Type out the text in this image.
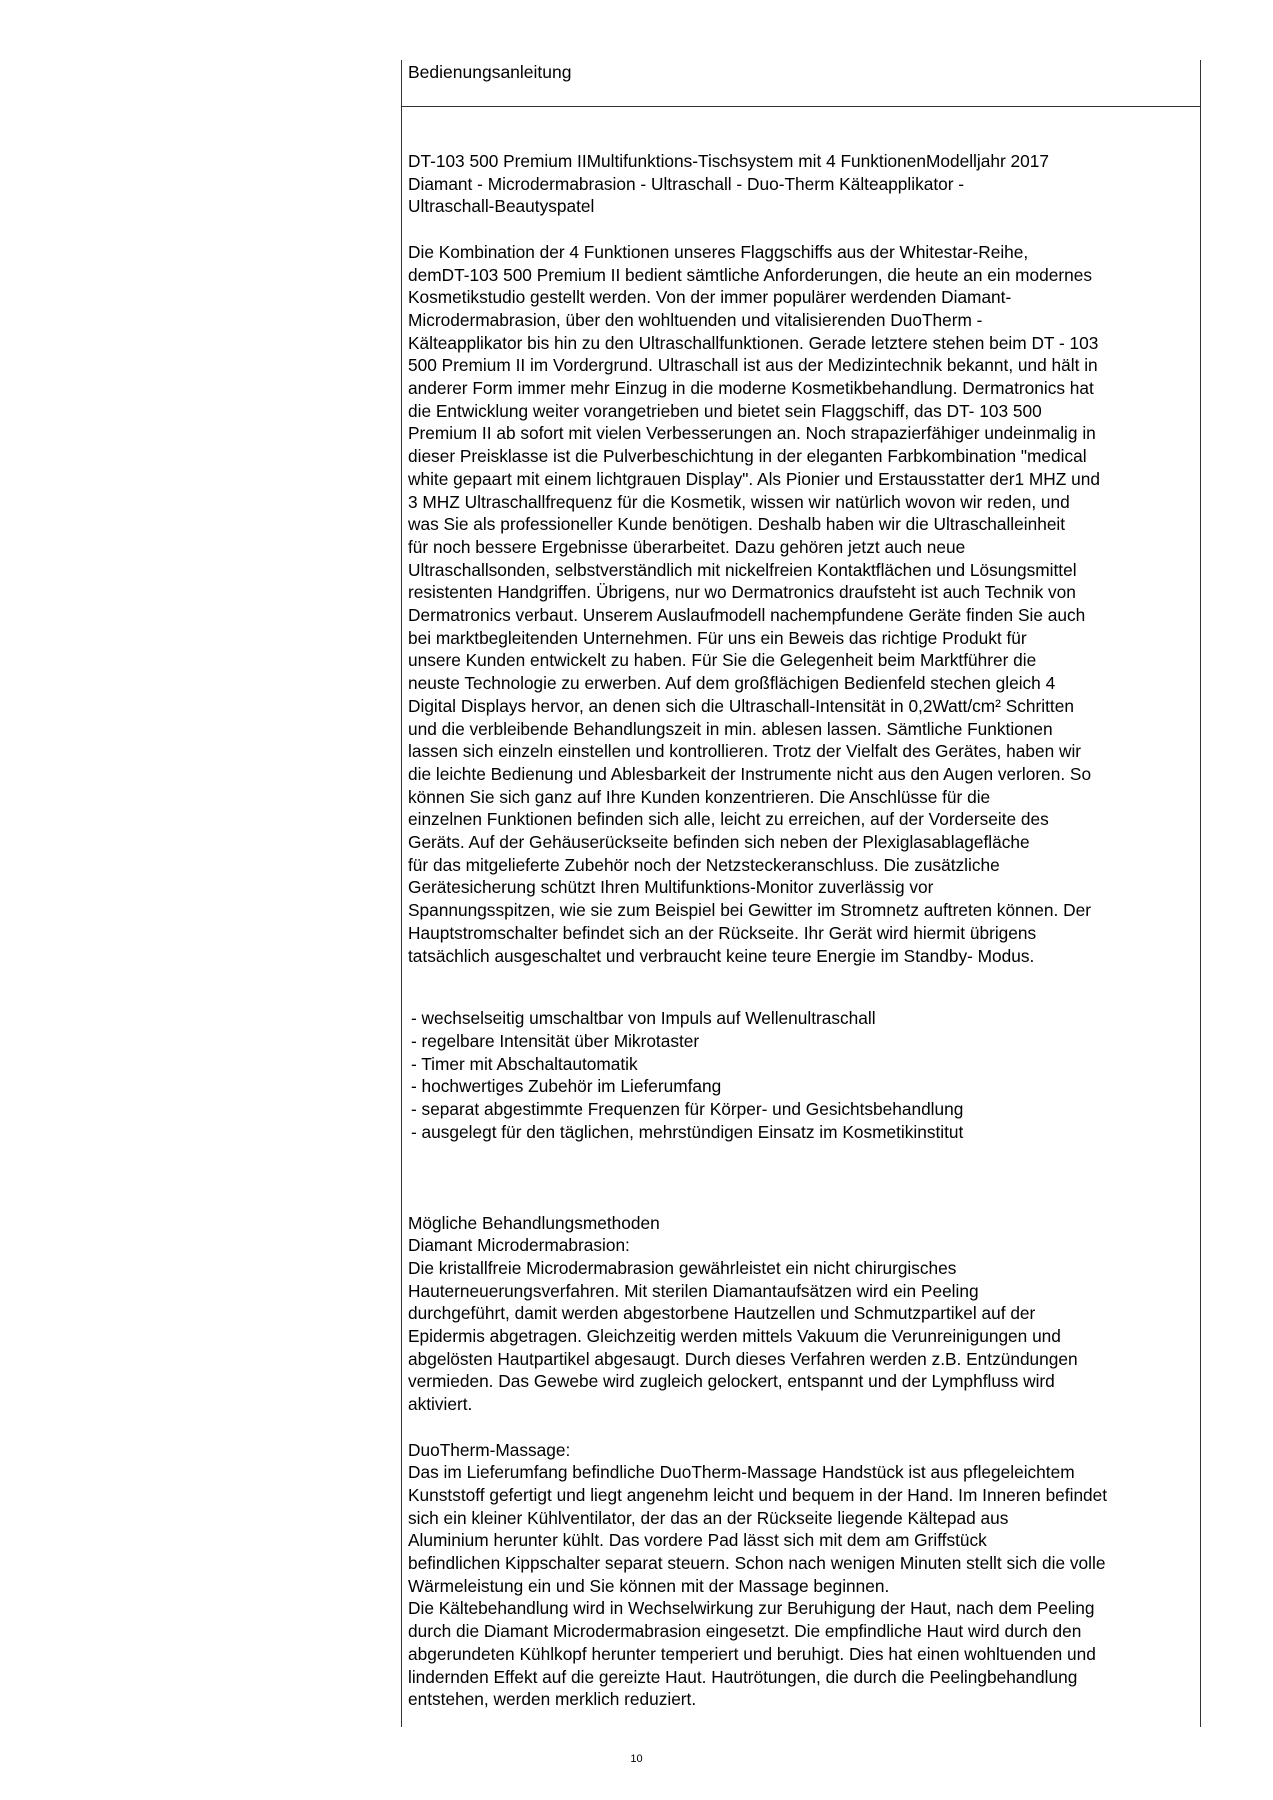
Bedienungsanleitung

DT-103 500 Premium IIMultifunktions-Tischsystem mit 4 FunktionenModelljahr 2017

Diamant - Microdermabrasion - Ultraschall - Duo-Therm Kälteapplikator -

Ultraschall-Beautyspatel

Die Kombination der 4 Funktionen unseres Flaggschiffs aus der Whitestar-Reihe,

demDT-103 500 Premium II bedient sämtliche Anforderungen, die heute an ein modernes

Kosmetikstudio gestellt werden. Von der immer populärer werdenden Diamant-

Microdermabrasion, über den wohltuenden und vitalisierenden DuoTherm -

Kälteapplikator bis hin zu den Ultraschallfunktionen. Gerade letztere stehen beim DT - 103

500 Premium II im Vordergrund. Ultraschall ist aus der Medizintechnik bekannt, und hält in

anderer Form immer mehr Einzug in die moderne Kosmetikbehandlung. Dermatronics hat

die Entwicklung weiter vorangetrieben und bietet sein Flaggschiff, das DT- 103 500

Premium II ab sofort mit vielen Verbesserungen an. Noch strapazierfähiger undeinmalig in

dieser Preisklasse ist die Pulverbeschichtung in der eleganten Farbkombination "medical

white gepaart mit einem lichtgrauen Display". Als Pionier und Erstausstatter der1 MHZ und

3 MHZ Ultraschallfrequenz für die Kosmetik, wissen wir natürlich wovon wir reden, und

was Sie als professioneller Kunde benötigen. Deshalb haben wir die Ultraschalleinheit

für noch bessere Ergebnisse überarbeitet. Dazu gehören jetzt auch neue

Ultraschallsonden, selbstverständlich mit nickelfreien Kontaktflächen und Lösungsmittel

resistenten Handgriffen. Übrigens, nur wo Dermatronics draufsteht ist auch Technik von

Dermatronics verbaut. Unserem Auslaufmodell nachempfundene Geräte finden Sie auch

bei marktbegleitenden Unternehmen. Für uns ein Beweis das richtige Produkt für

unsere Kunden entwickelt zu haben. Für Sie die Gelegenheit beim Marktführer die

neuste Technologie zu erwerben. Auf dem großflächigen Bedienfeld stechen gleich 4

Digital Displays hervor, an denen sich die Ultraschall-Intensität in 0,2Watt/cm² Schritten

und die verbleibende Behandlungszeit in min. ablesen lassen. Sämtliche Funktionen

lassen sich einzeln einstellen und kontrollieren. Trotz der Vielfalt des Gerätes, haben wir

die leichte Bedienung und Ablesbarkeit der Instrumente nicht aus den Augen verloren. So

können Sie sich ganz auf Ihre Kunden konzentrieren. Die Anschlüsse für die

einzelnen Funktionen befinden sich alle, leicht zu erreichen, auf der Vorderseite des

Geräts. Auf der Gehäuserückseite befinden sich neben der Plexiglasablagefläche

für das mitgelieferte Zubehör noch der Netzsteckeranschluss. Die zusätzliche

Gerätesicherung schützt Ihren Multifunktions-Monitor zuverlässig vor

Spannungsspitzen, wie sie zum Beispiel bei Gewitter im Stromnetz auftreten können. Der

Hauptstromschalter befindet sich an der Rückseite. Ihr Gerät wird hiermit übrigens

tatsächlich ausgeschaltet und verbraucht keine teure Energie im Standby- Modus.

- wechselseitig umschaltbar von Impuls auf Wellenultraschall
- regelbare Intensität über Mikrotaster
- Timer mit Abschaltautomatik
- hochwertiges Zubehör im Lieferumfang
- separat abgestimmte Frequenzen für Körper- und Gesichtsbehandlung
- ausgelegt für den täglichen, mehrstündigen Einsatz im Kosmetikinstitut

Mögliche Behandlungsmethoden

Diamant Microdermabrasion:

Die kristallfreie Microdermabrasion gewährleistet ein nicht chirurgisches

Hauterneuerungsverfahren. Mit sterilen Diamantaufsätzen wird ein Peeling

durchgeführt, damit werden abgestorbene Hautzellen und Schmutzpartikel auf der

Epidermis abgetragen. Gleichzeitig werden mittels Vakuum die Verunreinigungen und

abgelösten Hautpartikel abgesaugt. Durch dieses Verfahren werden z.B. Entzündungen

vermieden. Das Gewebe wird zugleich gelockert, entspannt und der Lymphfluss wird

aktiviert.

DuoTherm-Massage:

Das im Lieferumfang befindliche DuoTherm-Massage Handstück ist aus pflegeleichtem

Kunststoff gefertigt und liegt angenehm leicht und bequem in der Hand. Im Inneren befindet

sich ein kleiner Kühlventilator, der das an der Rückseite liegende Kältepad aus

Aluminium herunter kühlt. Das vordere Pad lässt sich mit dem am Griffstück

befindlichen Kippschalter separat steuern. Schon nach wenigen Minuten stellt sich die volle

Wärmeleistung ein und Sie können mit der Massage beginnen.

Die Kältebehandlung wird in Wechselwirkung zur Beruhigung der Haut, nach dem Peeling

durch die Diamant Microdermabrasion eingesetzt. Die empfindliche Haut wird durch den

abgerundeten Kühlkopf herunter temperiert und beruhigt. Dies hat einen wohltuenden und

lindernden Effekt auf die gereizte Haut. Hautrötungen, die durch die Peelingbehandlung

entstehen, werden merklich reduziert.

10
